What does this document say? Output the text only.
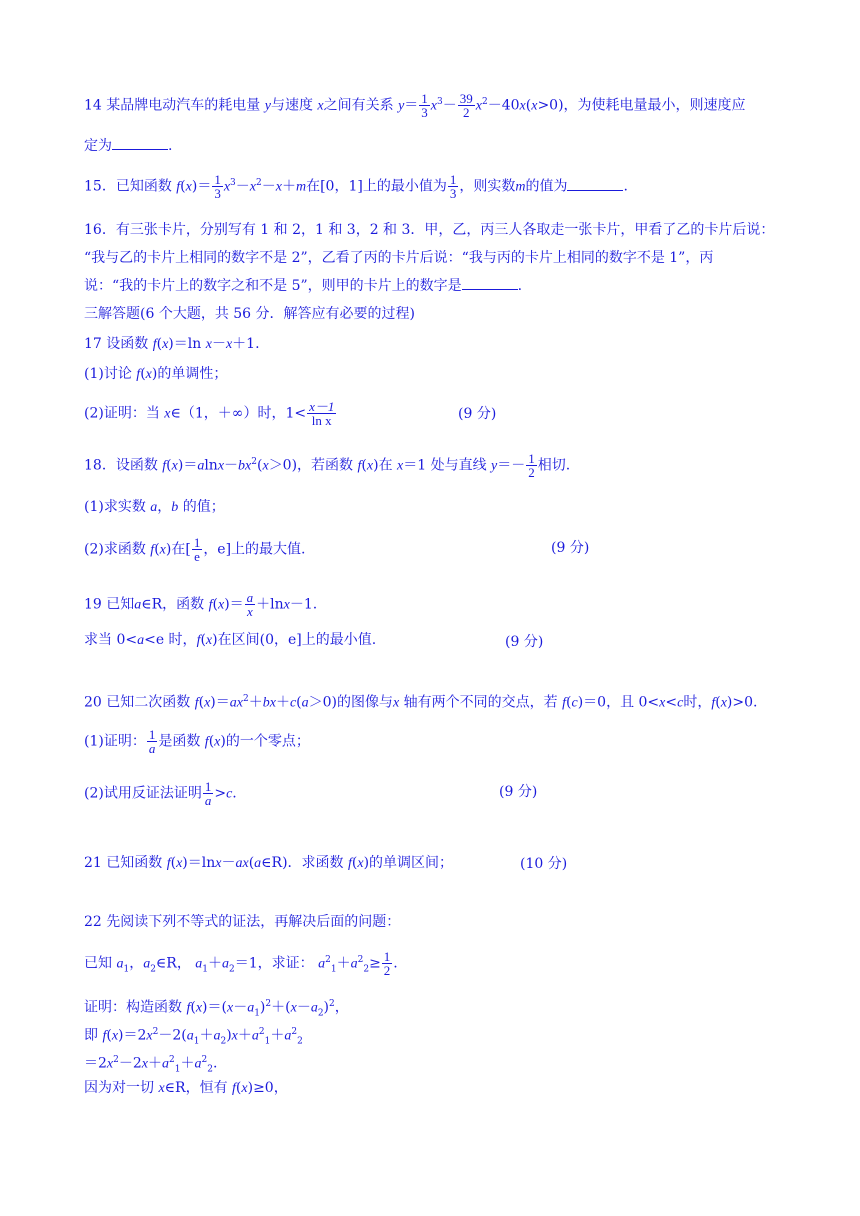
14 某品牌电动汽车的耗电量 y与速度 x之间有关系 $y= \frac{1}{3} x^3- \frac{39}{2} x^2-40x(x>0)$，为使耗电量最小，则速度应
定为	.
15．已知函数 $f(x)= \frac{1}{3} x^3-x^2-x+m$在[0，1]上的最小值为 $\frac{1}{3}$ ，则实数m的值为	.
16．有三张卡片，分别写有 1 和 2，1 和 3，2 和 3．甲，乙，丙三人各取走一张卡片，甲看了乙的卡片后说：
“我与乙的卡片上相同的数字不是 2”，乙看了丙的卡片后说：“我与丙的卡片上相同的数字不是 1”，丙
说：“我的卡片上的数字之和不是 5”，则甲的卡片上的数字是	.
三解答题(6 个大题，共 56 分．解答应有必要的过程)
17 设函数 f(x)＝ln x－x＋1.
(1)讨论 f(x)的单调性；
(2)证明：当 x∈（1，＋∞）时，$1< \frac{x-1}{\text{ln x}}$	(9 分)
18．设函数 $f(x)=alnx-bx^2(x>0)$，若函数 f(x)在 x＝1 处与直线 $y=- \frac{1}{2}$ 相切.
(1)求实数 a，b 的值；
(2)求函数 f(x)在[ $\frac{1}{e}$ ，e]上的最大值.	(9 分)
19 已知a∈R，函数 $f(x)= \frac{a}{x} +\ln x-1$.
求当 0<a<e 时，f(x)在区间(0，e]上的最小值.	(9 分)
20 已知二次函数 $f(x)=ax^2+bx+c(a>0)$的图像与x 轴有两个不同的交点，若 f(c)＝0，且 0<x<c时，f(x)>0.
(1)证明： $\frac{1}{a}$ 是函数 f(x)的一个零点；
(2)试用反证法证明 $\frac{1}{a} >c$.	(9 分)
21 已知函数 f(x)＝lnx－ax(a∈R)．求函数 f(x)的单调区间；	(10 分)
22 先阅读下列不等式的证法，再解决后面的问题：
已知 $a_1$，$a_2\in R$， $a_1+a_2=1$，求证： $a^2_1+a^2_2\ge \frac{1}{2}$ .
证明：构造函数 $f(x)=(x-a_1)^2+(x-a_2)^2$，
即 $f(x)=2x^2-2(a_1+a_2)x+a^2_1+a^2_2$
$=2x^2-2x+a^2_1+a^2_2$.
因为对一切 x∈R，恒有 f(x)≥0，
